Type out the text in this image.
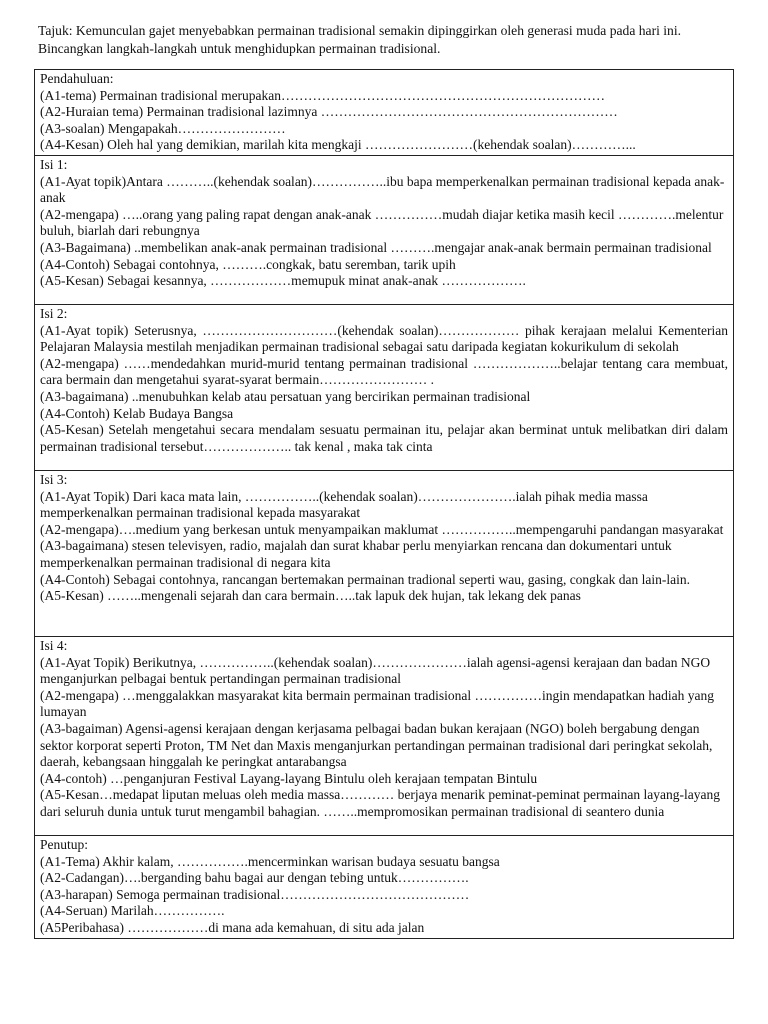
Tajuk: Kemunculan gajet menyebabkan permainan tradisional semakin dipinggirkan oleh generasi muda pada hari ini. Bincangkan langkah-langkah untuk menghidupkan permainan tradisional.
Pendahuluan:
(A1-tema) Permainan tradisional merupakan………………………………………………………………
(A2-Huraian tema) Permainan tradisional lazimnya …………………………………………………………
(A3-soalan) Mengapakah……………………
(A4-Kesan) Oleh hal yang demikian, marilah kita mengkaji ……………………(kehendak soalan)…………...

Isi 1:
(A1-Ayat topik)Antara ………..(kehendak soalan)……………..ibu bapa memperkenalkan permainan tradisional kepada anak-anak
(A2-mengapa) …..orang yang paling rapat dengan anak-anak ……………mudah diajar ketika masih kecil ………….melentur buluh, biarlah dari rebungnya
(A3-Bagaimana) ..membelikan anak-anak permainan tradisional ……….mengajar anak-anak bermain permainan tradisional
(A4-Contoh) Sebagai contohnya, ……….congkak, batu seremban, tarik upih
(A5-Kesan) Sebagai kesannya, ………………memupuk minat anak-anak ……………….

Isi 2:
(A1-Ayat topik) Seterusnya, …………………………(kehendak soalan)……………… pihak kerajaan melalui Kementerian Pelajaran Malaysia mestilah menjadikan permainan tradisional sebagai satu daripada kegiatan kokurikulum di sekolah
(A2-mengapa) ……mendedahkan murid-murid tentang permainan tradisional ………………..belajar tentang cara membuat, cara bermain dan mengetahui syarat-syarat bermain…………………… .
(A3-bagaimana) ..menubuhkan kelab atau persatuan yang bercirikan permainan tradisional
(A4-Contoh) Kelab Budaya Bangsa
(A5-Kesan) Setelah mengetahui secara mendalam sesuatu permainan itu, pelajar akan berminat untuk melibatkan diri dalam permainan tradisional tersebut……………….. tak kenal , maka tak cinta

Isi 3:
(A1-Ayat Topik) Dari kaca mata lain, ……………..(kehendak soalan)………………….ialah pihak media massa memperkenalkan permainan tradisional kepada masyarakat
(A2-mengapa)….medium yang berkesan untuk menyampaikan maklumat ……………..mempengaruhi pandangan masyarakat
(A3-bagaimana) stesen televisyen, radio, majalah dan surat khabar perlu menyiarkan rencana dan dokumentari untuk memperkenalkan permainan tradisional di negara kita
(A4-Contoh) Sebagai contohnya, rancangan bertemakan permainan tradional seperti wau, gasing, congkak dan lain-lain.
(A5-Kesan) ……..mengenali sejarah dan cara bermain…..tak lapuk dek hujan, tak lekang dek panas

Isi 4:
(A1-Ayat Topik) Berikutnya, ……………..(kehendak soalan)…………………ialah agensi-agensi kerajaan dan badan NGO menganjurkan pelbagai bentuk pertandingan permainan tradisional
(A2-mengapa) …menggalakkan masyarakat kita bermain permainan tradisional ……………ingin mendapatkan hadiah yang lumayan
(A3-bagaiman) Agensi-agensi kerajaan dengan kerjasama pelbagai badan bukan kerajaan (NGO) boleh bergabung dengan sektor korporat seperti Proton, TM Net dan Maxis menganjurkan pertandingan permainan tradisional dari peringkat sekolah, daerah, kebangsaan hinggalah ke peringkat antarabangsa
(A4-contoh) …penganjuran Festival Layang-layang Bintulu oleh kerajaan tempatan Bintulu
(A5-Kesan…medapat liputan meluas oleh media massa………… berjaya menarik peminat-peminat permainan layang-layang dari seluruh dunia untuk turut mengambil bahagian. ……..mempromosikan permainan tradisional di seantero dunia

Penutup:
(A1-Tema) Akhir kalam, …………….mencerminkan warisan budaya sesuatu bangsa
(A2-Cadangan)….berganding bahu bagai aur dengan tebing untuk…………….
(A3-harapan) Semoga permainan tradisional……………………………………
(A4-Seruan) Marilah…………….
(A5Peribahasa) ………………di mana ada kemahuan, di situ ada jalan
